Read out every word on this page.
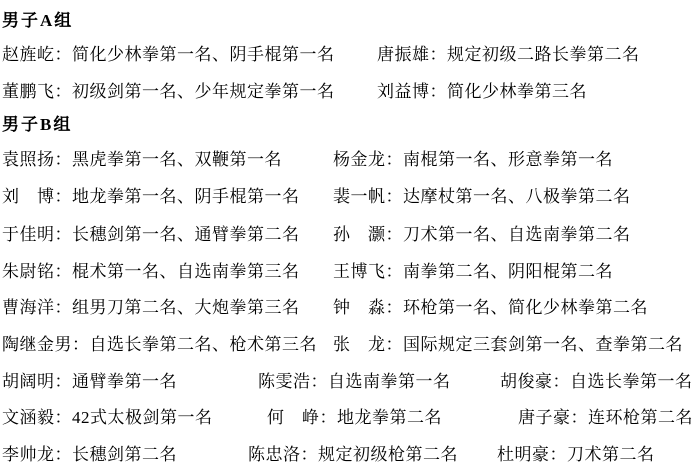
男子A组
赵旌屹：简化少林拳第一名、阴手棍第一名	唐振雄：规定初级二路长拳第二名
董鹏飞：初级剑第一名、少年规定拳第一名	刘益博：简化少林拳第三名
男子B组
袁照扬：黑虎拳第一名、双鞭第一名	杨金龙：南棍第一名、形意拳第一名
刘　博：地龙拳第一名、阴手棍第一名 裴一帆：达摩杖第一名、八极拳第二名
于佳明：长穗剑第一名、通臂拳第二名 孙　灏：刀术第一名、自选南拳第二名
朱尉铭：棍术第一名、自选南拳第三名 王博飞：南拳第二名、阴阳棍第二名
曹海洋：组男刀第二名、大炮拳第三名 钟　淼：环枪第一名、简化少林拳第二名
陶继金男：自选长拳第二名、枪术第三名 张　龙：国际规定三套剑第一名、查拳第二名
胡阔明：通臂拳第一名	陈雯浩：自选南拳第一名	胡俊豪：自选长拳第一名
文涵毅：42式太极剑第一名	何　峥：地龙拳第二名	唐子豪：连环枪第二名
李帅龙：长穗剑第二名	陈忠洛：规定初级枪第二名 杜明豪：刀术第二名
